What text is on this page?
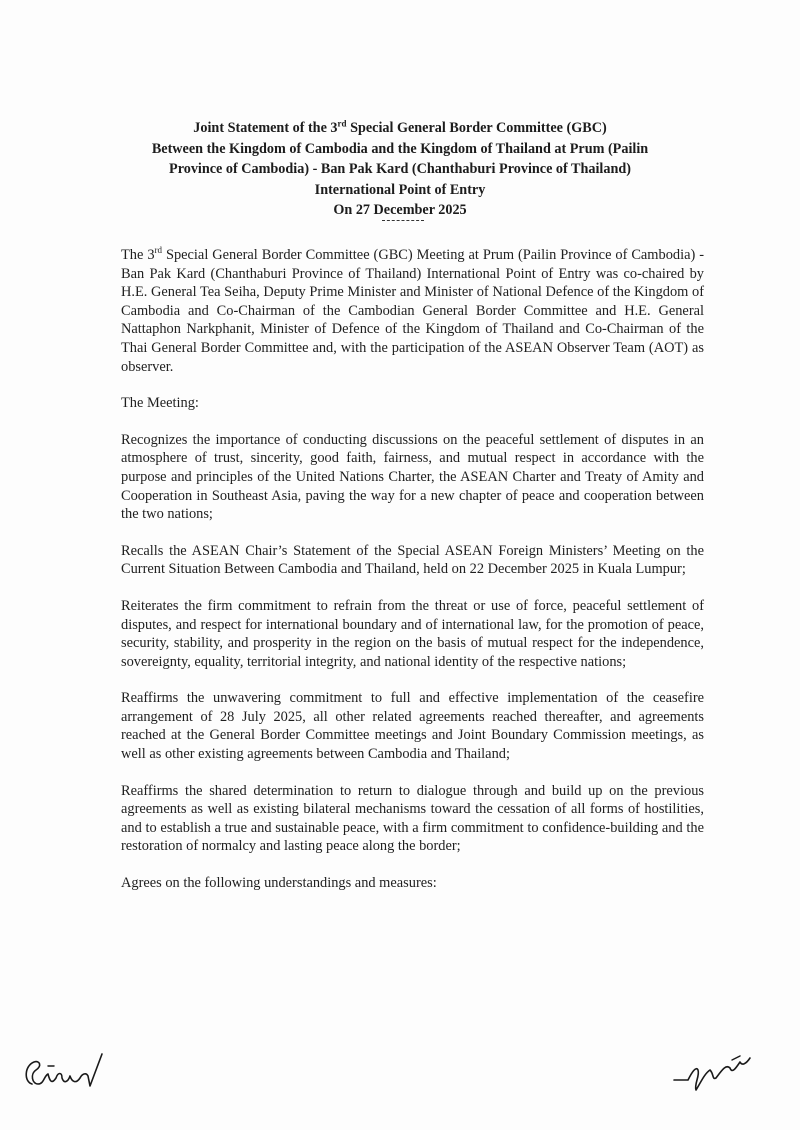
Joint Statement of the 3rd Special General Border Committee (GBC)
Between the Kingdom of Cambodia and the Kingdom of Thailand at Prum (Pailin
Province of Cambodia) - Ban Pak Kard (Chanthaburi Province of Thailand)
International Point of Entry
On 27 December 2025

The 3rd Special General Border Committee (GBC) Meeting at Prum (Pailin Province of Cambodia) - Ban Pak Kard (Chanthaburi Province of Thailand) International Point of Entry was co-chaired by H.E. General Tea Seiha, Deputy Prime Minister and Minister of National Defence of the Kingdom of Cambodia and Co-Chairman of the Cambodian General Border Committee and H.E. General Nattaphon Narkphanit, Minister of Defence of the Kingdom of Thailand and Co-Chairman of the Thai General Border Committee and, with the participation of the ASEAN Observer Team (AOT) as observer.

The Meeting:

Recognizes the importance of conducting discussions on the peaceful settlement of disputes in an atmosphere of trust, sincerity, good faith, fairness, and mutual respect in accordance with the purpose and principles of the United Nations Charter, the ASEAN Charter and Treaty of Amity and Cooperation in Southeast Asia, paving the way for a new chapter of peace and cooperation between the two nations;

Recalls the ASEAN Chair’s Statement of the Special ASEAN Foreign Ministers’ Meeting on the Current Situation Between Cambodia and Thailand, held on 22 December 2025 in Kuala Lumpur;

Reiterates the firm commitment to refrain from the threat or use of force, peaceful settlement of disputes, and respect for international boundary and of international law, for the promotion of peace, security, stability, and prosperity in the region on the basis of mutual respect for the independence, sovereignty, equality, territorial integrity, and national identity of the respective nations;

Reaffirms the unwavering commitment to full and effective implementation of the ceasefire arrangement of 28 July 2025, all other related agreements reached thereafter, and agreements reached at the General Border Committee meetings and Joint Boundary Commission meetings, as well as other existing agreements between Cambodia and Thailand;

Reaffirms the shared determination to return to dialogue through and build up on the previous agreements as well as existing bilateral mechanisms toward the cessation of all forms of hostilities, and to establish a true and sustainable peace, with a firm commitment to confidence-building and the restoration of normalcy and lasting peace along the border;

Agrees on the following understandings and measures:
